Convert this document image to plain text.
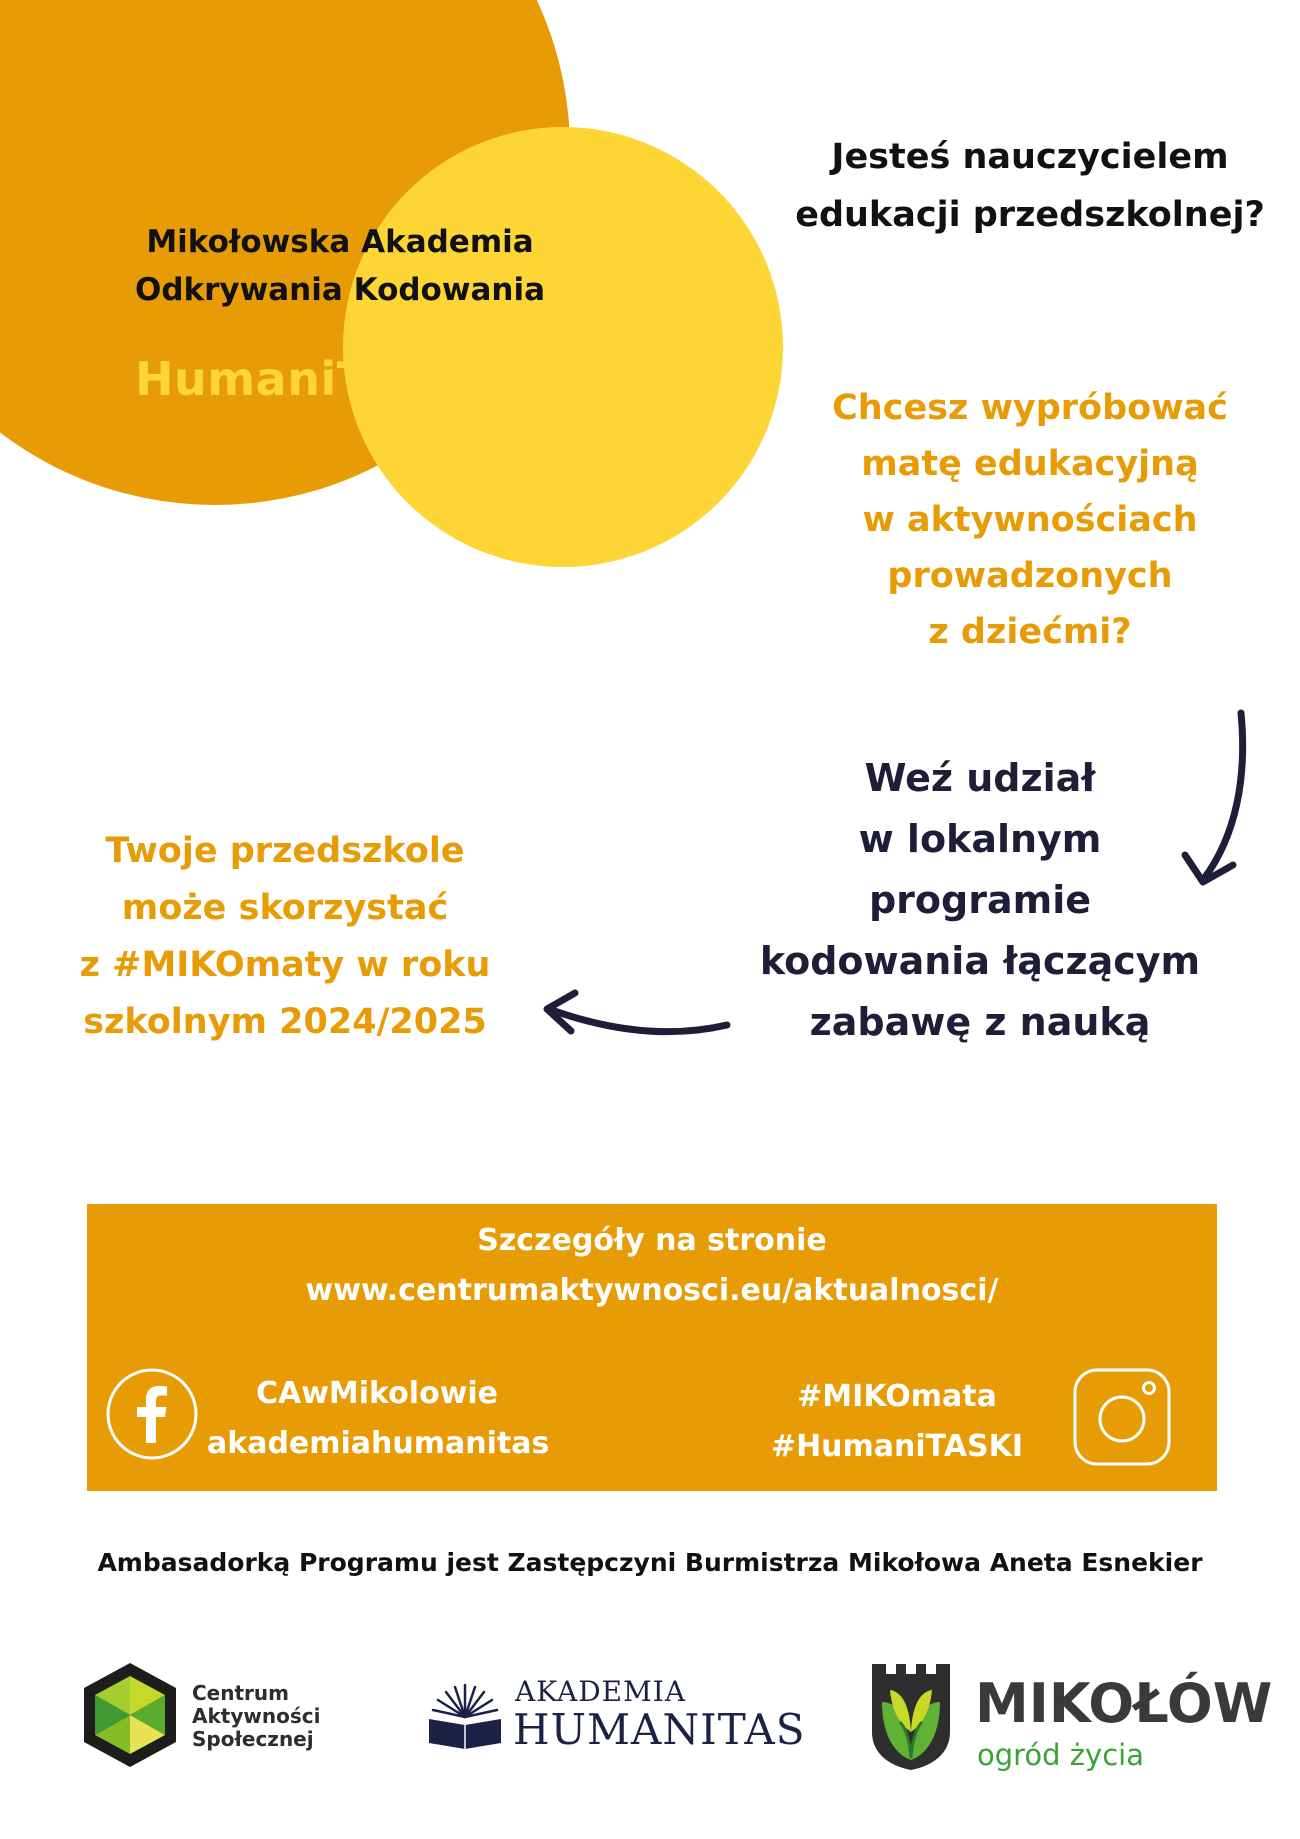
Mikołowska Akademia
Odkrywania Kodowania
HumaniTASKi
Jesteś nauczycielem
edukacji przedszkolnej?
Chcesz wypróbować
matę edukacyjną
w aktywnościach
prowadzonych
z dziećmi?
Weź udział
w lokalnym
programie
kodowania łączącym
zabawę z nauką
Twoje przedszkole
może skorzystać
z #MIKOmaty w roku
szkolnym 2024/2025
Szczegóły na stronie
www.centrumaktywnosci.eu/aktualnosci/
CAwMikolowie
akademiahumanitas
#MIKOmata
#HumaniTASKI
Ambasadorką Programu jest Zastępczyni Burmistrza Mikołowa Aneta Esnekier
Centrum
Aktywności
Społecznej
AKADEMIA
HUMANITAS	MIKOŁÓW
ogród życia
